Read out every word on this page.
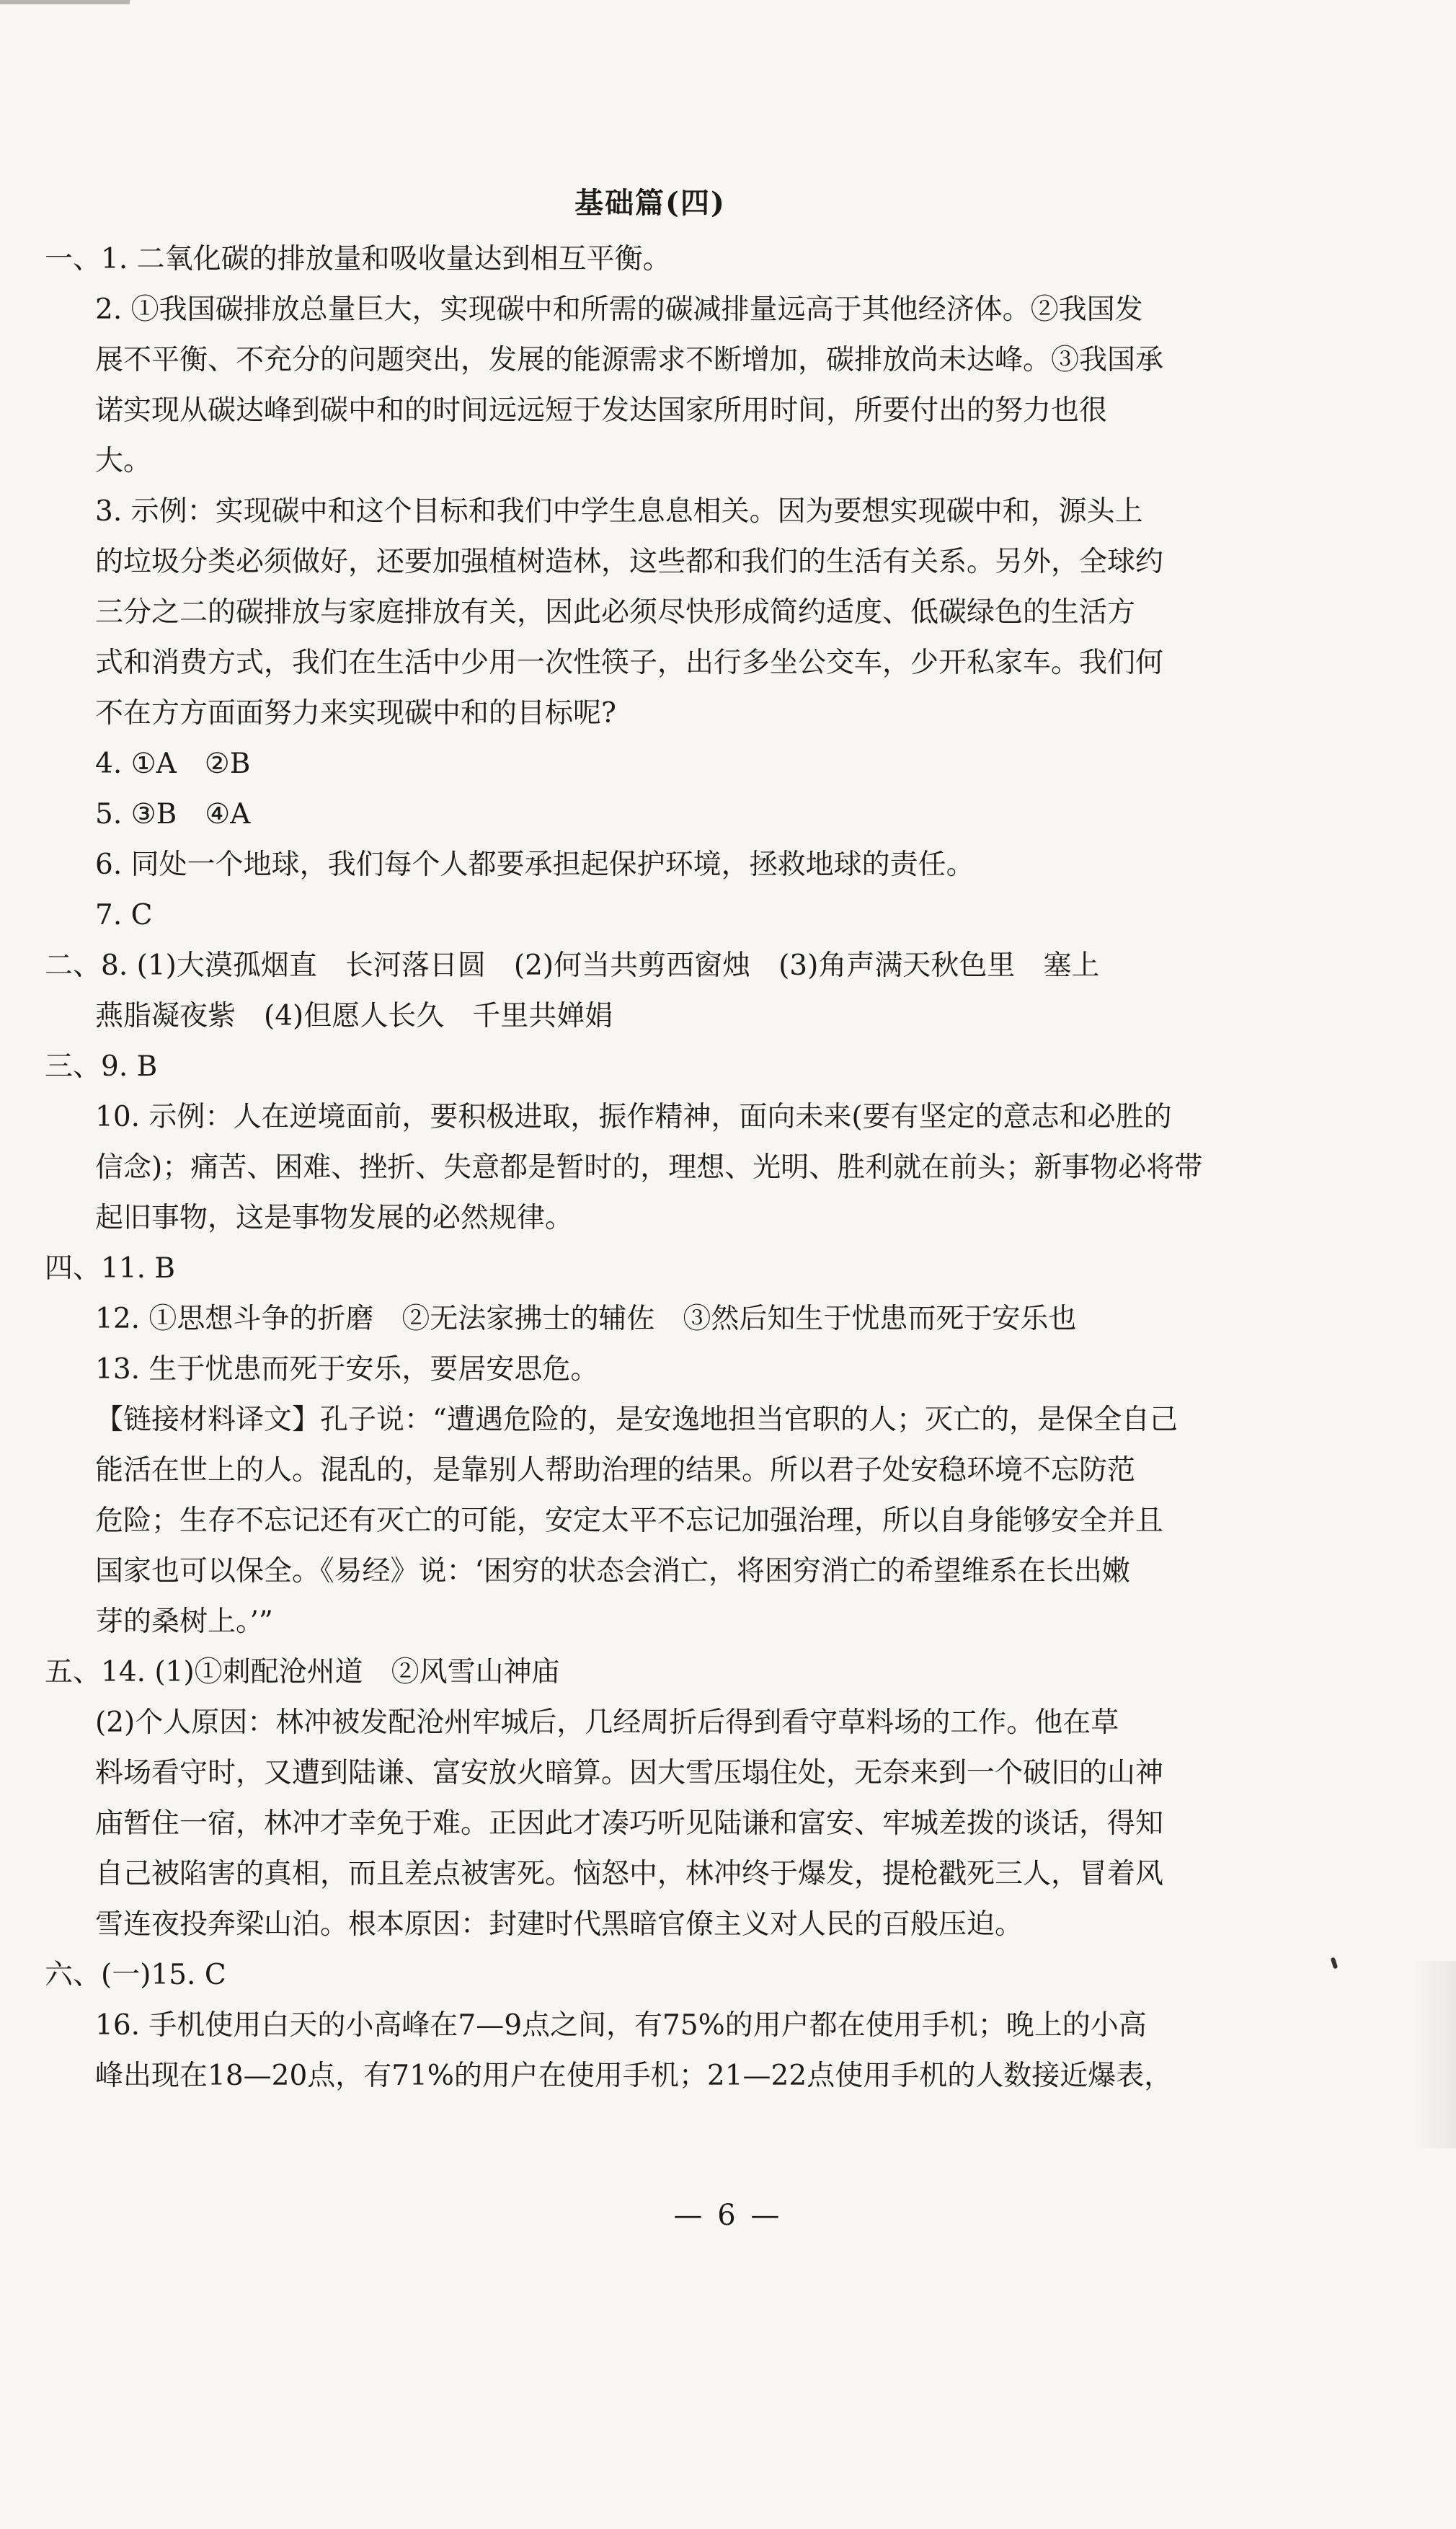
基础篇(四)
一、1. 二氧化碳的排放量和吸收量达到相互平衡。
2. ①我国碳排放总量巨大，实现碳中和所需的碳减排量远高于其他经济体。②我国发
展不平衡、不充分的问题突出，发展的能源需求不断增加，碳排放尚未达峰。③我国承
诺实现从碳达峰到碳中和的时间远远短于发达国家所用时间，所要付出的努力也很
大。
3. 示例：实现碳中和这个目标和我们中学生息息相关。因为要想实现碳中和，源头上
的垃圾分类必须做好，还要加强植树造林，这些都和我们的生活有关系。另外，全球约
三分之二的碳排放与家庭排放有关，因此必须尽快形成简约适度、低碳绿色的生活方
式和消费方式，我们在生活中少用一次性筷子，出行多坐公交车，少开私家车。我们何
不在方方面面努力来实现碳中和的目标呢?
4. ①A　②B
5. ③B　④A
6. 同处一个地球，我们每个人都要承担起保护环境，拯救地球的责任。
7. C
二、8. (1)大漠孤烟直　长河落日圆　(2)何当共剪西窗烛　(3)角声满天秋色里　塞上
燕脂凝夜紫　(4)但愿人长久　千里共婵娟
三、9. B
10. 示例：人在逆境面前，要积极进取，振作精神，面向未来(要有坚定的意志和必胜的
信念)；痛苦、困难、挫折、失意都是暂时的，理想、光明、胜利就在前头；新事物必将带
起旧事物，这是事物发展的必然规律。
四、11. B
12. ①思想斗争的折磨　②无法家拂士的辅佐　③然后知生于忧患而死于安乐也
13. 生于忧患而死于安乐，要居安思危。
【链接材料译文】孔子说：“遭遇危险的，是安逸地担当官职的人；灭亡的，是保全自己
能活在世上的人。混乱的，是靠别人帮助治理的结果。所以君子处安稳环境不忘防范
危险；生存不忘记还有灭亡的可能，安定太平不忘记加强治理，所以自身能够安全并且
国家也可以保全。《易经》说：‘困穷的状态会消亡，将困穷消亡的希望维系在长出嫩
芽的桑树上。’”
五、14. (1)①刺配沧州道　②风雪山神庙
(2)个人原因：林冲被发配沧州牢城后，几经周折后得到看守草料场的工作。他在草
料场看守时，又遭到陆谦、富安放火暗算。因大雪压塌住处，无奈来到一个破旧的山神
庙暂住一宿，林冲才幸免于难。正因此才凑巧听见陆谦和富安、牢城差拨的谈话，得知
自己被陷害的真相，而且差点被害死。恼怒中，林冲终于爆发，提枪戳死三人，冒着风
雪连夜投奔梁山泊。根本原因：封建时代黑暗官僚主义对人民的百般压迫。
六、(一)15. C
16. 手机使用白天的小高峰在7—9点之间，有75%的用户都在使用手机；晚上的小高
峰出现在18—20点，有71%的用户在使用手机；21—22点使用手机的人数接近爆表，
— 6 —
